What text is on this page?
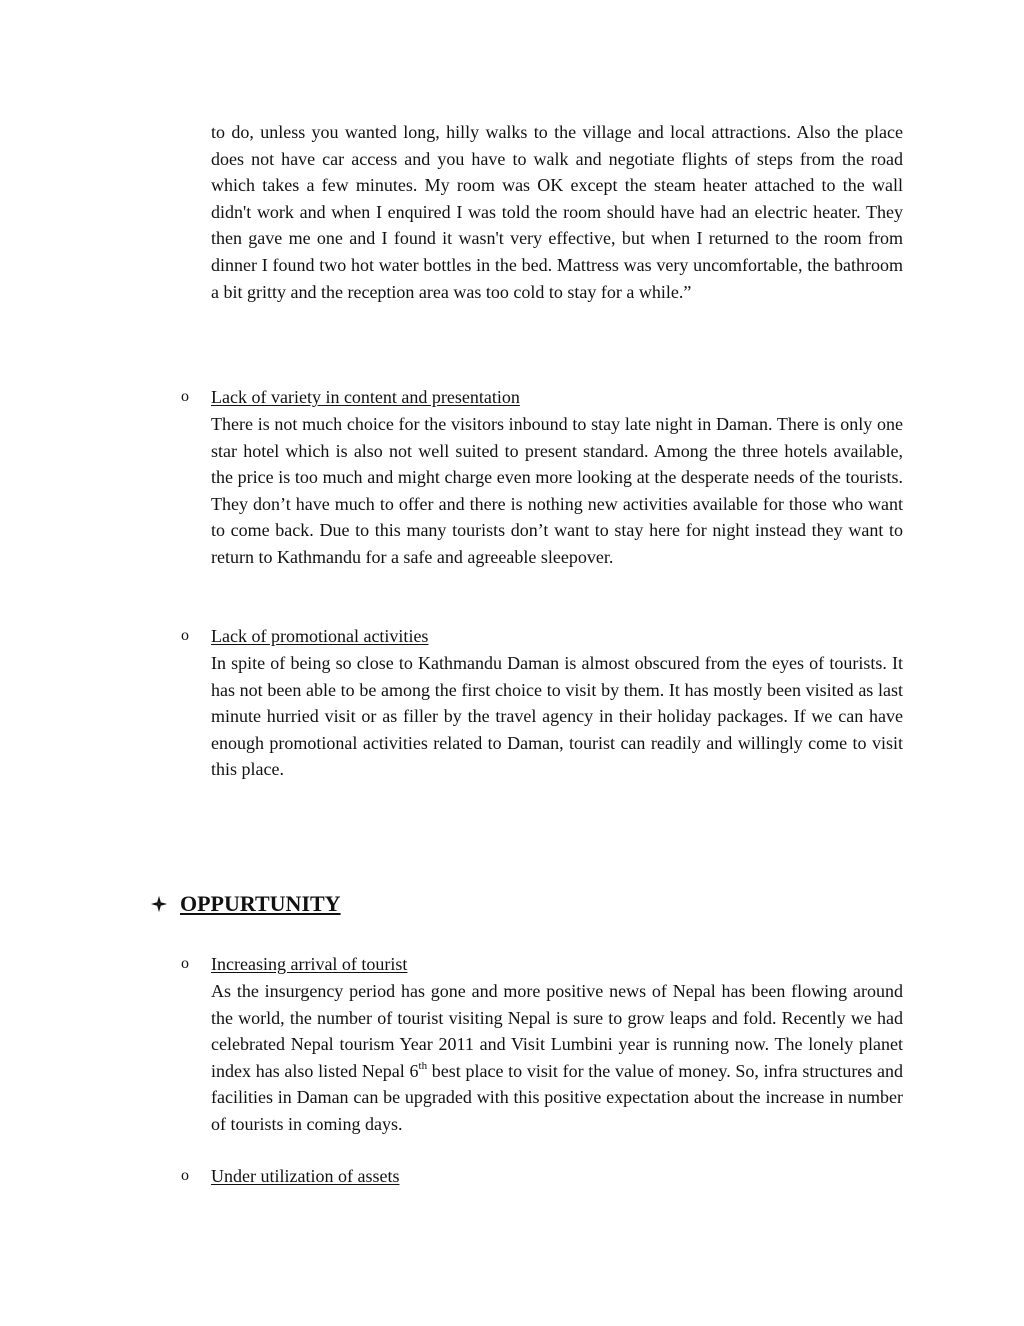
to do, unless you wanted long, hilly walks to the village and local attractions. Also the place does not have car access and you have to walk and negotiate flights of steps from the road which takes a few minutes. My room was OK except the steam heater attached to the wall didn't work and when I enquired I was told the room should have had an electric heater. They then gave me one and I found it wasn't very effective, but when I returned to the room from dinner I found two hot water bottles in the bed. Mattress was very uncomfortable, the bathroom a bit gritty and the reception area was too cold to stay for a while.”

o Lack of variety in content and presentation

There is not much choice for the visitors inbound to stay late night in Daman. There is only one star hotel which is also not well suited to present standard. Among the three hotels available, the price is too much and might charge even more looking at the desperate needs of the tourists. They don’t have much to offer and there is nothing new activities available for those who want to come back. Due to this many tourists don’t want to stay here for night instead they want to return to Kathmandu for a safe and agreeable sleepover.

o Lack of promotional activities

In spite of being so close to Kathmandu Daman is almost obscured from the eyes of tourists. It has not been able to be among the first choice to visit by them. It has mostly been visited as last minute hurried visit or as filler by the travel agency in their holiday packages. If we can have enough promotional activities related to Daman, tourist can readily and willingly come to visit this place.

OPPURTUNITY
o Increasing arrival of tourist

As the insurgency period has gone and more positive news of Nepal has been flowing around the world, the number of tourist visiting Nepal is sure to grow leaps and fold. Recently we had celebrated Nepal tourism Year 2011 and Visit Lumbini year is running now. The lonely planet index has also listed Nepal 6th best place to visit for the value of money. So, infra structures and facilities in Daman can be upgraded with this positive expectation about the increase in number of tourists in coming days.

o Under utilization of assets
